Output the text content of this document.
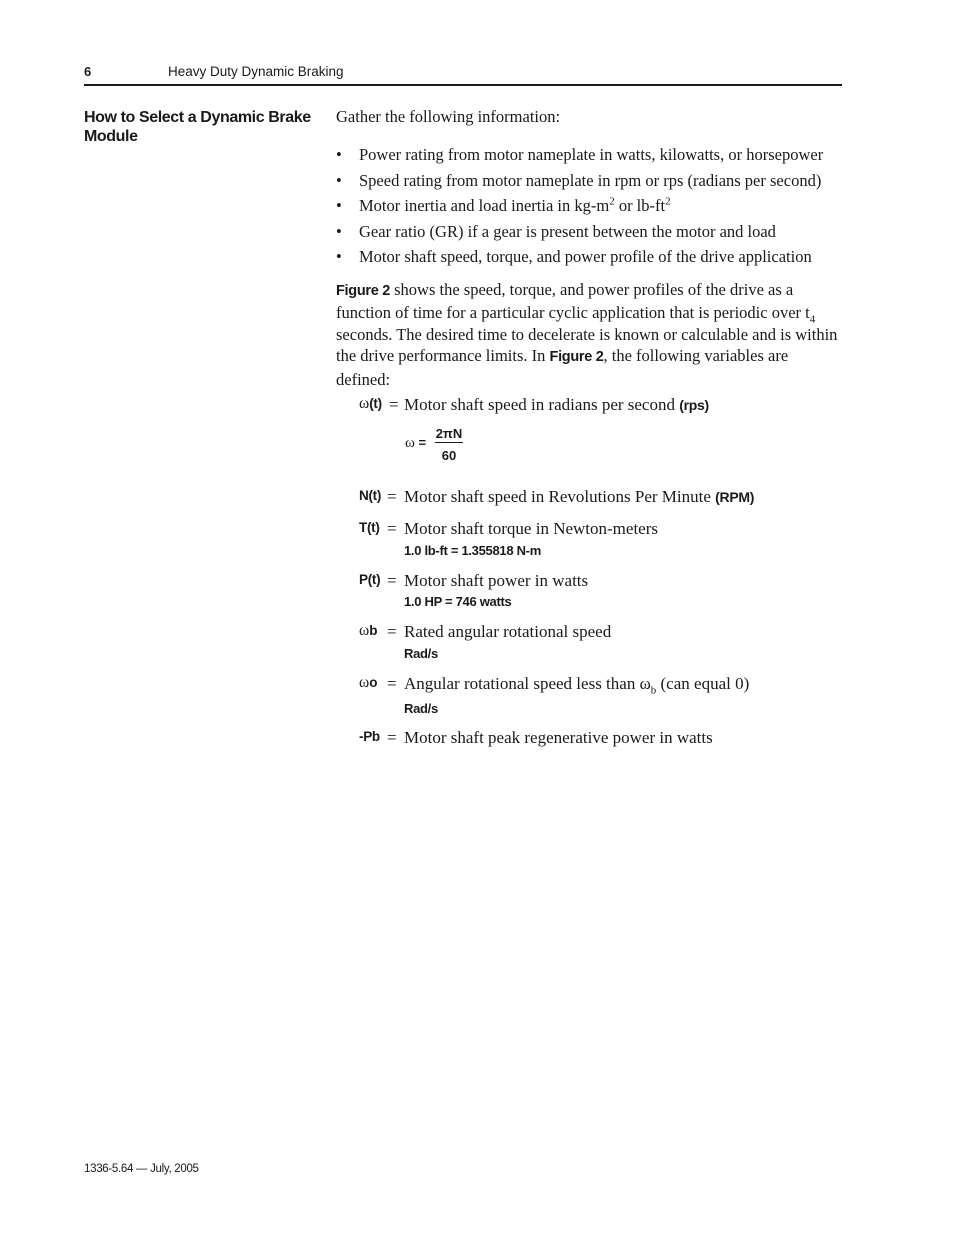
6	Heavy Duty Dynamic Braking
How to Select a Dynamic Brake Module

Gather the following information:

• Power rating from motor nameplate in watts, kilowatts, or horsepower
• Speed rating from motor nameplate in rpm or rps (radians per second)
• Motor inertia and load inertia in $kg-m^2$ or $lb-ft^2$
• Gear ratio (GR) if a gear is present between the motor and load
• Motor shaft speed, torque, and power profile of the drive application

Figure 2 shows the speed, torque, and power profiles of the drive as a function of time for a particular cyclic application that is periodic over $t_4$ seconds. The desired time to decelerate is known or calculable and is within the drive performance limits. In Figure 2, the following variables are defined:

ω(t) = Motor shaft speed in radians per second (rps)
N(t) = Motor shaft speed in Revolutions Per Minute (RPM)
T(t) = Motor shaft torque in Newton-meters
1.0 lb-ft = 1.355818 N-m
P(t) = Motor shaft power in watts
1.0 HP = 746 watts
ωb = Rated angular rotational speed
Rad/s
ωo = Angular rotational speed less than $\omega_b$ (can equal 0)
Rad/s
-Pb = Motor shaft peak regenerative power in watts
ω =
2πN
60
1336-5.64 — July, 2005
